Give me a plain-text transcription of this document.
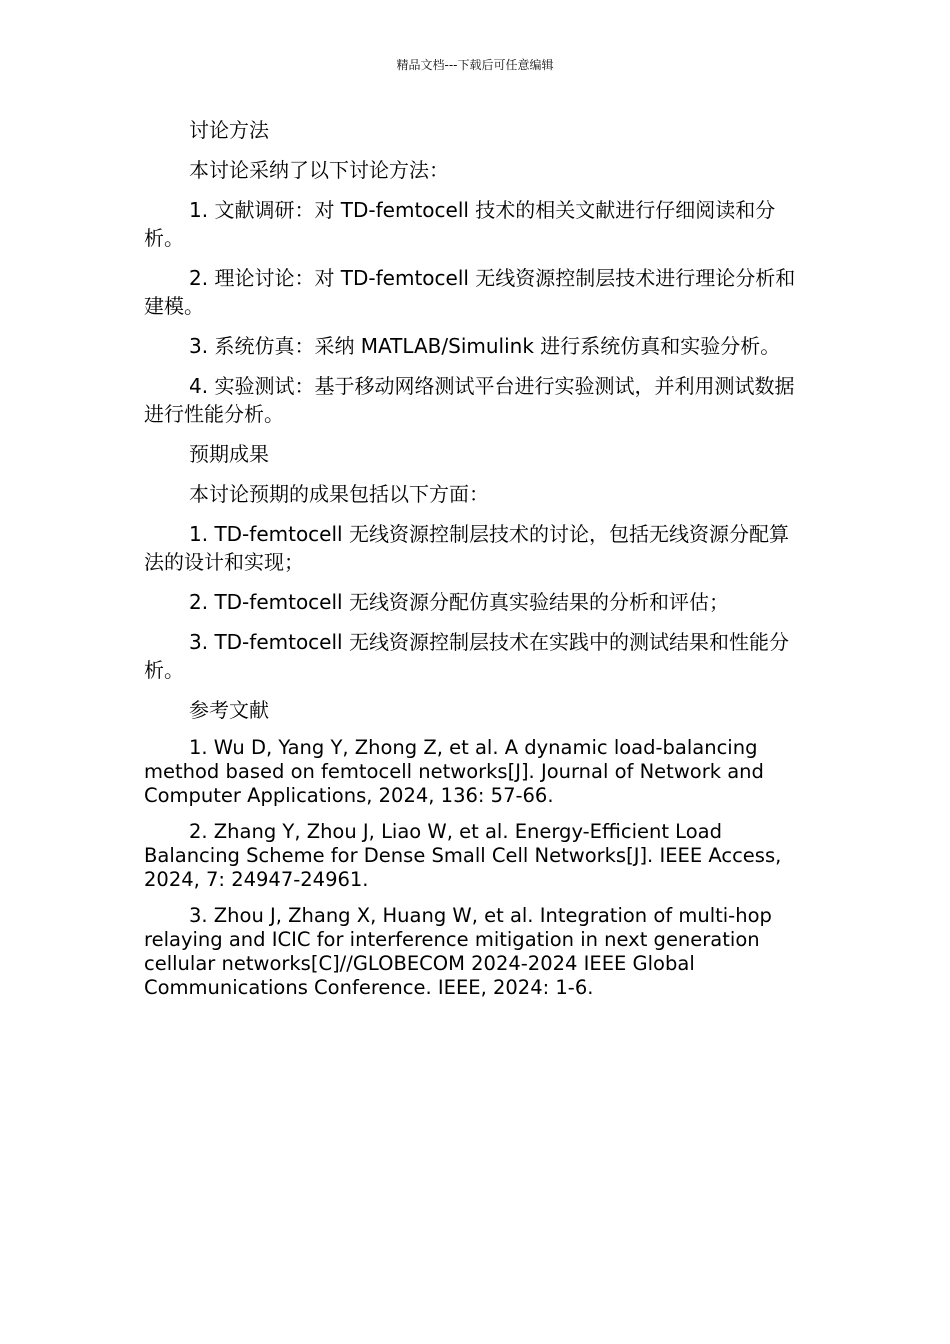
精品文档---下载后可任意编辑

讨论方法

本讨论采纳了以下讨论方法：

1. 文献调研：对 TD-femtocell 技术的相关文献进行仔细阅读和分析。

2. 理论讨论：对 TD-femtocell 无线资源控制层技术进行理论分析和建模。

3. 系统仿真：采纳 MATLAB/Simulink 进行系统仿真和实验分析。

4. 实验测试：基于移动网络测试平台进行实验测试，并利用测试数据进行性能分析。

预期成果

本讨论预期的成果包括以下方面：

1. TD-femtocell 无线资源控制层技术的讨论，包括无线资源分配算法的设计和实现；

2. TD-femtocell 无线资源分配仿真实验结果的分析和评估；

3. TD-femtocell 无线资源控制层技术在实践中的测试结果和性能分析。

参考文献

1. Wu D, Yang Y, Zhong Z, et al. A dynamic load-balancing method based on femtocell networks[J]. Journal of Network and Computer Applications, 2024, 136: 57-66.

2. Zhang Y, Zhou J, Liao W, et al. Energy-Efficient Load Balancing Scheme for Dense Small Cell Networks[J]. IEEE Access, 2024, 7: 24947-24961.

3. Zhou J, Zhang X, Huang W, et al. Integration of multi-hop relaying and ICIC for interference mitigation in next generation cellular networks[C]//GLOBECOM 2024-2024 IEEE Global Communications Conference. IEEE, 2024: 1-6.
